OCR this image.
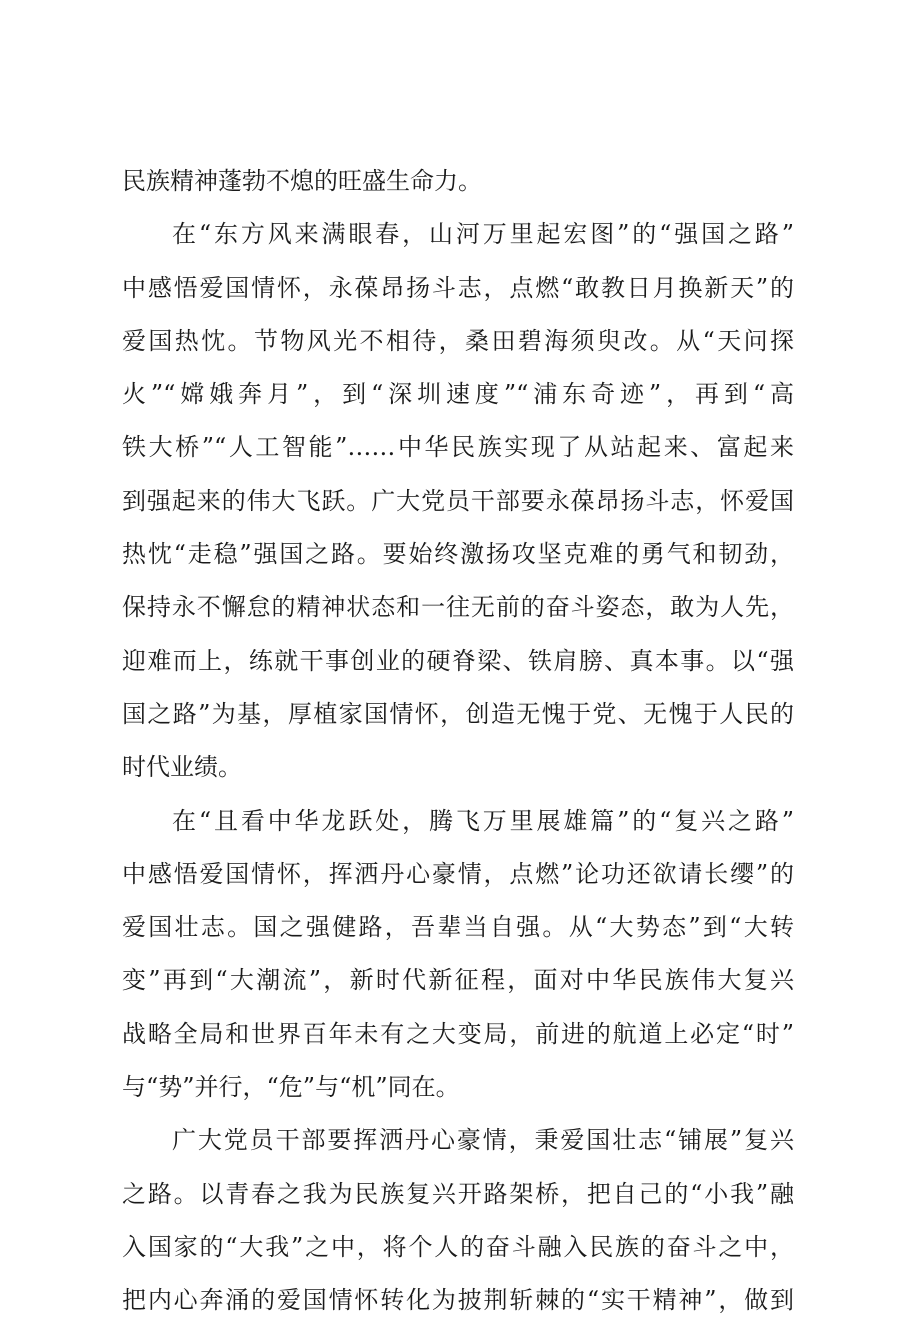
民族精神蓬勃不熄的旺盛生命力。
在“东方风来满眼春，山河万里起宏图”的“强国之路”
中感悟爱国情怀，永葆昂扬斗志，点燃“敢教日月换新天”的
爱国热忱。节物风光不相待，桑田碧海须臾改。从“天问探
火”“嫦娥奔月”，到“深圳速度”“浦东奇迹”，再到“高
铁大桥”“人工智能”……中华民族实现了从站起来、富起来
到强起来的伟大飞跃。广大党员干部要永葆昂扬斗志，怀爱国
热忱“走稳”强国之路。要始终激扬攻坚克难的勇气和韧劲，
保持永不懈怠的精神状态和一往无前的奋斗姿态，敢为人先，
迎难而上，练就干事创业的硬脊梁、铁肩膀、真本事。以“强
国之路”为基，厚植家国情怀，创造无愧于党、无愧于人民的
时代业绩。
在“且看中华龙跃处，腾飞万里展雄篇”的“复兴之路”
中感悟爱国情怀，挥洒丹心豪情，点燃”论功还欲请长缨”的
爱国壮志。国之强健路，吾辈当自强。从“大势态”到“大转
变”再到“大潮流”，新时代新征程，面对中华民族伟大复兴
战略全局和世界百年未有之大变局，前进的航道上必定“时”
与“势”并行，“危”与“机”同在。
广大党员干部要挥洒丹心豪情，秉爱国壮志“铺展”复兴
之路。以青春之我为民族复兴开路架桥，把自己的“小我”融
入国家的“大我”之中，将个人的奋斗融入民族的奋斗之中，
把内心奔涌的爱国情怀转化为披荆斩棘的“实干精神”，做到
